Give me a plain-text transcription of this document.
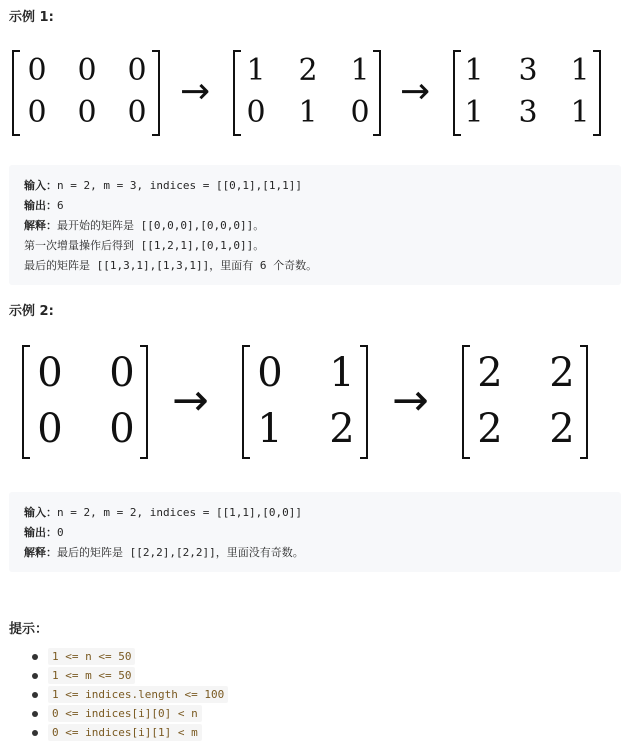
示例 1:
0 0 0
0 0 0
→
1 2 1
0 1 0
→
1 3 1
1 3 1
输入：n = 2, m = 3, indices = [[0,1],[1,1]]
输出：6
解释：最开始的矩阵是 [[0,0,0],[0,0,0]]。
第一次增量操作后得到 [[1,2,1],[0,1,0]]。
最后的矩阵是 [[1,3,1],[1,3,1]]，里面有 6 个奇数。
示例 2:
0 0
0 0
→
0 1
1 2
→
2 2
2 2
输入：n = 2, m = 2, indices = [[1,1],[0,0]]
输出：0
解释：最后的矩阵是 [[2,2],[2,2]]，里面没有奇数。
提示：
1 <= n <= 50
1 <= m <= 50
1 <= indices.length <= 100
0 <= indices[i][0] < n
0 <= indices[i][1] < m
